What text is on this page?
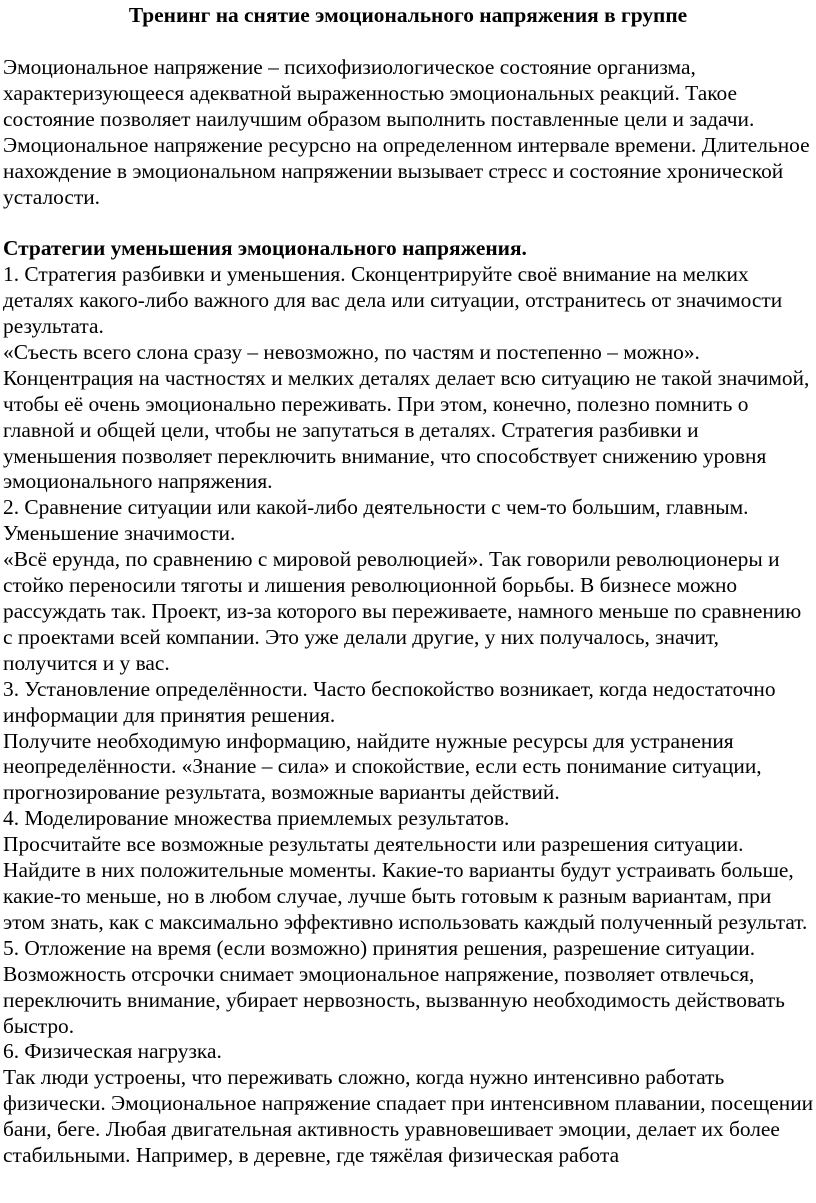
Тренинг на снятие эмоционального напряжения в группе

Эмоциональное напряжение – психофизиологическое состояние организма, характеризующееся адекватной выраженностью эмоциональных реакций. Такое состояние позволяет наилучшим образом выполнить поставленные цели и задачи. Эмоциональное напряжение ресурсно на определенном интервале времени. Длительное нахождение в эмоциональном напряжении вызывает стресс и состояние хронической усталости.

Стратегии уменьшения эмоционального напряжения.

1. Стратегия разбивки и уменьшения. Сконцентрируйте своё внимание на мелких деталях какого-либо важного для вас дела или ситуации, отстранитесь от значимости результата.

«Съесть всего слона сразу – невозможно, по частям и постепенно – можно». Концентрация на частностях и мелких деталях делает всю ситуацию не такой значимой, чтобы её очень эмоционально переживать. При этом, конечно, полезно помнить о главной и общей цели, чтобы не запутаться в деталях. Стратегия разбивки и уменьшения позволяет переключить внимание, что способствует снижению уровня эмоционального напряжения.

2. Сравнение ситуации или какой-либо деятельности с чем-то большим, главным. Уменьшение значимости.

«Всё ерунда, по сравнению с мировой революцией». Так говорили революционеры и стойко переносили тяготы и лишения революционной борьбы. В бизнесе можно рассуждать так. Проект, из-за которого вы переживаете, намного меньше по сравнению с проектами всей компании. Это уже делали другие, у них получалось, значит, получится и у вас.

3. Установление определённости. Часто беспокойство возникает, когда недостаточно информации для принятия решения.

Получите необходимую информацию, найдите нужные ресурсы для устранения неопределённости. «Знание – сила» и спокойствие, если есть понимание ситуации, прогнозирование результата, возможные варианты действий.

4. Моделирование множества приемлемых результатов.

Просчитайте все возможные результаты деятельности или разрешения ситуации. Найдите в них положительные моменты. Какие-то варианты будут устраивать больше, какие-то меньше, но в любом случае, лучше быть готовым к разным вариантам, при этом знать, как с максимально эффективно использовать каждый полученный результат.

5. Отложение на время (если возможно) принятия решения, разрешение ситуации. Возможность отсрочки снимает эмоциональное напряжение, позволяет отвлечься, переключить внимание, убирает нервозность, вызванную необходимость действовать быстро.

6. Физическая нагрузка.

Так люди устроены, что переживать сложно, когда нужно интенсивно работать физически. Эмоциональное напряжение спадает при интенсивном плавании, посещении бани, беге. Любая двигательная активность уравновешивает эмоции, делает их более стабильными. Например, в деревне, где тяжёлая физическая работа
